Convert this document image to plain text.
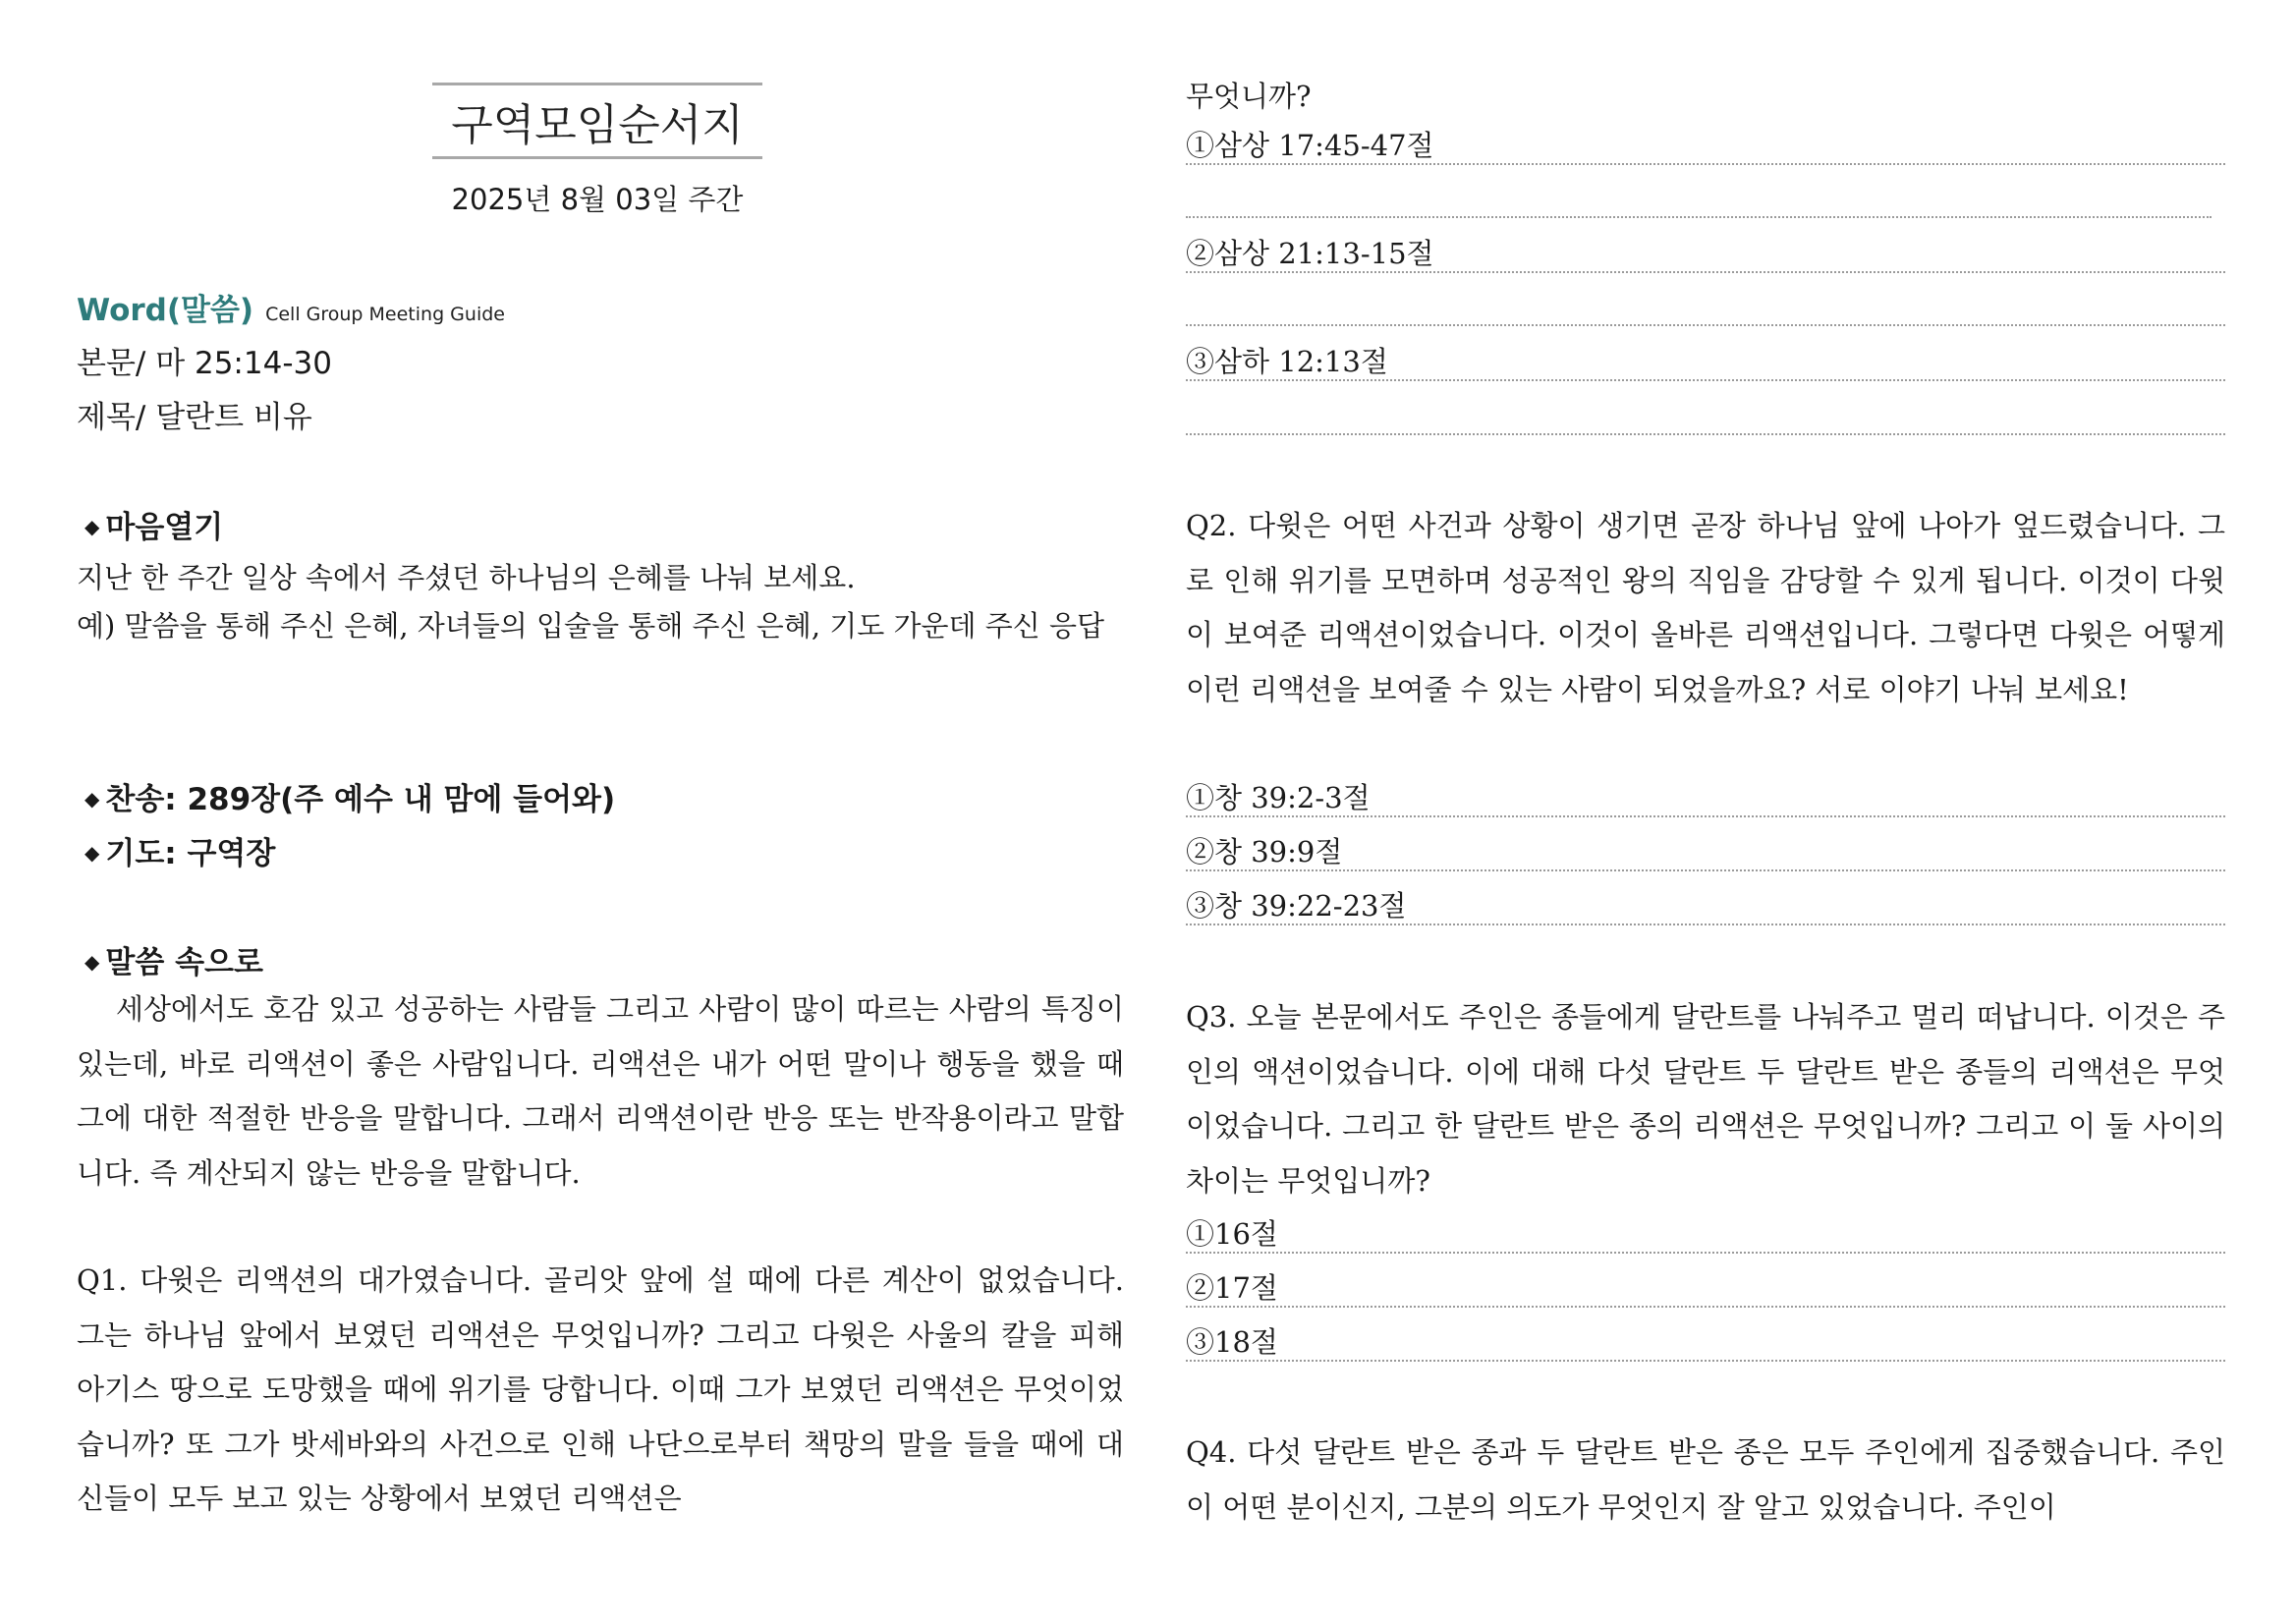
구역모임순서지
2025년 8월 03일 주간
Word(말씀) Cell Group Meeting Guide
본문/ 마 25:14-30
제목/ 달란트 비유
◆ 마음열기
지난 한 주간 일상 속에서 주셨던 하나님의 은혜를 나눠 보세요.
예) 말씀을 통해 주신 은혜, 자녀들의 입술을 통해 주신 은혜, 기도 가운데 주신 응답
◆ 찬송: 289장(주 예수 내 맘에 들어와)
◆ 기도: 구역장
◆ 말씀 속으로
세상에서도 호감 있고 성공하는 사람들 그리고 사람이 많이 따르는 사람의 특징이 있는데, 바로 리액션이 좋은 사람입니다. 리액션은 내가 어떤 말이나 행동을 했을 때 그에 대한 적절한 반응을 말합니다. 그래서 리액션이란 반응 또는 반작용이라고 말합니다. 즉 계산되지 않는 반응을 말합니다.
Q1. 다윗은 리액션의 대가였습니다. 골리앗 앞에 설 때에 다른 계산이 없었습니다. 그는 하나님 앞에서 보였던 리액션은 무엇입니까? 그리고 다윗은 사울의 칼을 피해 아기스 땅으로 도망했을 때에 위기를 당합니다. 이때 그가 보였던 리액션은 무엇이었습니까? 또 그가 밧세바와의 사건으로 인해 나단으로부터 책망의 말을 들을 때에 대신들이 모두 보고 있는 상황에서 보였던 리액션은
무엇니까?
①삼상 17:45-47절
②삼상 21:13-15절
③삼하 12:13절
Q2. 다윗은 어떤 사건과 상황이 생기면 곧장 하나님 앞에 나아가 엎드렸습니다. 그로 인해 위기를 모면하며 성공적인 왕의 직임을 감당할 수 있게 됩니다. 이것이 다윗이 보여준 리액션이었습니다. 이것이 올바른 리액션입니다. 그렇다면 다윗은 어떻게 이런 리액션을 보여줄 수 있는 사람이 되었을까요? 서로 이야기 나눠 보세요!
①창 39:2-3절
②창 39:9절
③창 39:22-23절
Q3. 오늘 본문에서도 주인은 종들에게 달란트를 나눠주고 멀리 떠납니다. 이것은 주인의 액션이었습니다. 이에 대해 다섯 달란트 두 달란트 받은 종들의 리액션은 무엇이었습니다. 그리고 한 달란트 받은 종의 리액션은 무엇입니까? 그리고 이 둘 사이의 차이는 무엇입니까?
①16절
②17절
③18절
Q4. 다섯 달란트 받은 종과 두 달란트 받은 종은 모두 주인에게 집중했습니다. 주인이 어떤 분이신지, 그분의 의도가 무엇인지 잘 알고 있었습니다. 주인이
